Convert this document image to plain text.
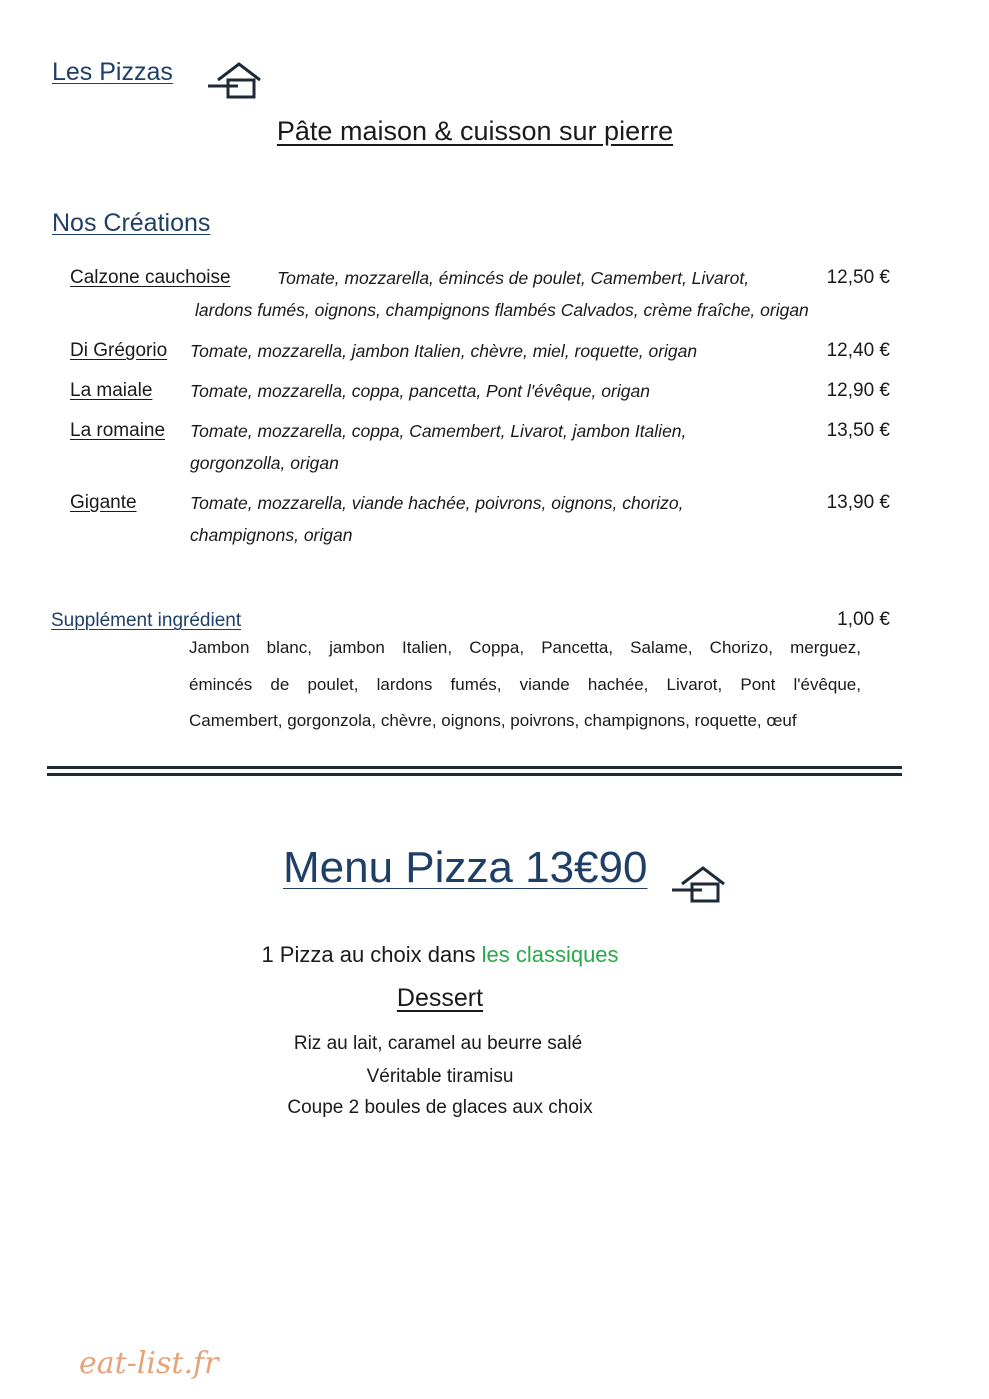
Les Pizzas
Pâte maison & cuisson sur pierre
Nos Créations
Calzone cauchoise	Tomate, mozzarella, émincés de poulet, Camembert, Livarot,	12,50 €
lardons fumés, oignons, champignons flambés Calvados, crème fraîche, origan
Di Grégorio Tomate, mozzarella, jambon Italien, chèvre, miel, roquette, origan	12,40 €
La maiale Tomate, mozzarella, coppa, pancetta, Pont l'évêque, origan	12,90 €
La romaine Tomate, mozzarella, coppa, Camembert, Livarot, jambon Italien,	13,50 €
gorgonzolla, origan
Gigante	Tomate, mozzarella, viande hachée, poivrons, oignons, chorizo,	13,90 €
champignons, origan
Supplément ingrédient	1,00 €
Jambon blanc, jambon Italien, Coppa, Pancetta, Salame, Chorizo, merguez,
émincés de poulet, lardons fumés, viande hachée, Livarot, Pont l'évêque,
Camembert, gorgonzola, chèvre, oignons, poivrons, champignons, roquette, œuf
Menu Pizza 13€90
1 Pizza au choix dans les classiques
Dessert
Riz au lait, caramel au beurre salé
Véritable tiramisu
Coupe 2 boules de glaces aux choix
eat-list.fr
